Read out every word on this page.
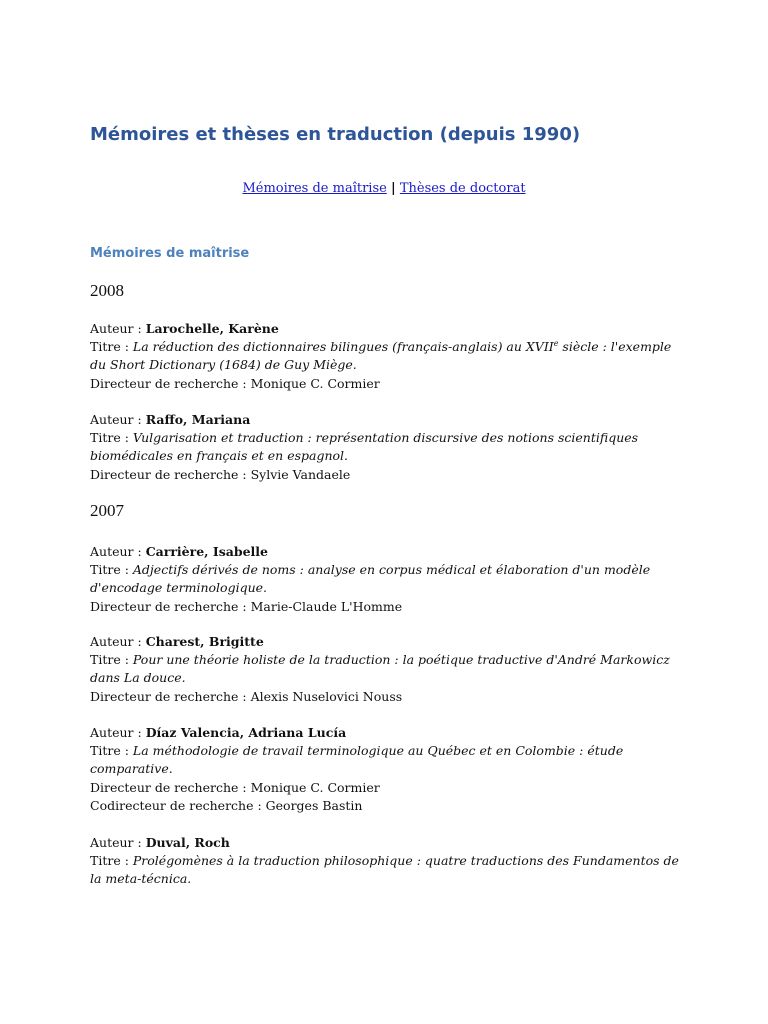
Mémoires et thèses en traduction (depuis 1990)
Mémoires de maîtrise | Thèses de doctorat
Mémoires de maîtrise
2008
Auteur : Larochelle, Karène
Titre : La réduction des dictionnaires bilingues (français-anglais) au XVIIe siècle : l'exemple du Short Dictionary (1684) de Guy Miège.
Directeur de recherche : Monique C. Cormier
Auteur : Raffo, Mariana
Titre : Vulgarisation et traduction : représentation discursive des notions scientifiques biomédicales en français et en espagnol.
Directeur de recherche : Sylvie Vandaele
2007
Auteur : Carrière, Isabelle
Titre : Adjectifs dérivés de noms : analyse en corpus médical et élaboration d'un modèle d'encodage terminologique.
Directeur de recherche : Marie-Claude L'Homme
Auteur : Charest, Brigitte
Titre : Pour une théorie holiste de la traduction : la poétique traductive d'André Markowicz dans La douce.
Directeur de recherche : Alexis Nuselovici Nouss
Auteur : Díaz Valencia, Adriana Lucía
Titre : La méthodologie de travail terminologique au Québec et en Colombie : étude comparative.
Directeur de recherche : Monique C. Cormier
Codirecteur de recherche : Georges Bastin
Auteur : Duval, Roch
Titre : Prolégomènes à la traduction philosophique : quatre traductions des Fundamentos de la meta-técnica.
